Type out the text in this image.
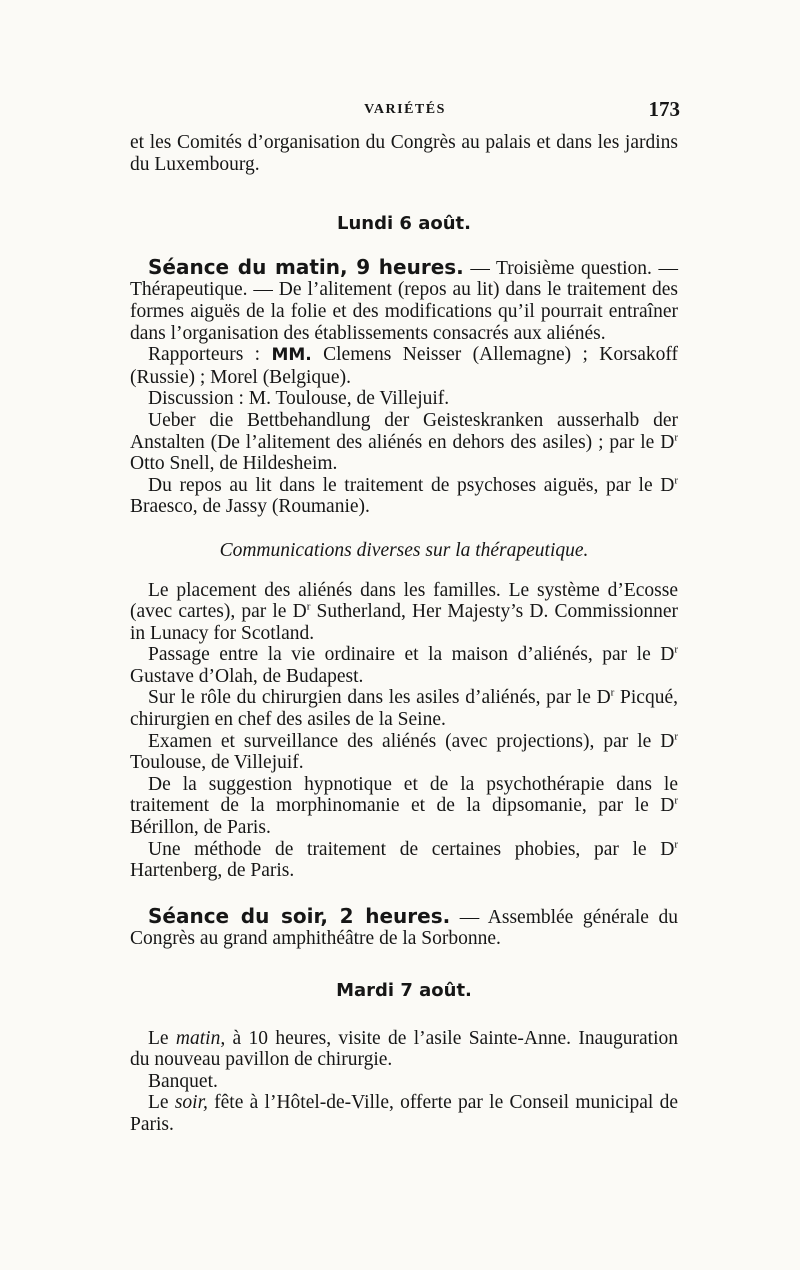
VARIÉTÉS	173

et les Comités d’organisation du Congrès au palais et dans les jardins du Luxembourg.

Lundi 6 août.

Séance du matin, 9 heures. — Troisième question. — Thérapeutique. — De l’alitement (repos au lit) dans le traitement des formes aiguës de la folie et des modifications qu’il pourrait entraîner dans l’organisation des établissements consacrés aux aliénés.

Rapporteurs : MM. Clemens Neisser (Allemagne) ; Korsakoff (Russie) ; Morel (Belgique).

Discussion : M. Toulouse, de Villejuif.

Ueber die Bettbehandlung der Geisteskranken ausserhalb der Anstalten (De l’alitement des aliénés en dehors des asiles) ; par le $D^r$ Otto Snell, de Hildesheim.

Du repos au lit dans le traitement de psychoses aiguës, par le $D^r$ Braesco, de Jassy (Roumanie).

Communications diverses sur la thérapeutique.

Le placement des aliénés dans les familles. Le système d’Ecosse (avec cartes), par le $D^r$ Sutherland, Her Majesty’s D. Commissionner in Lunacy for Scotland.

Passage entre la vie ordinaire et la maison d’aliénés, par le $D^r$ Gustave d’Olah, de Budapest.

Sur le rôle du chirurgien dans les asiles d’aliénés, par le $D^r$ Picqué, chirurgien en chef des asiles de la Seine.

Examen et surveillance des aliénés (avec projections), par le $D^r$ Toulouse, de Villejuif.

De la suggestion hypnotique et de la psychothérapie dans le traitement de la morphinomanie et de la dipsomanie, par le $D^r$ Bérillon, de Paris.

Une méthode de traitement de certaines phobies, par le $D^r$ Hartenberg, de Paris.

Séance du soir, 2 heures. — Assemblée générale du Congrès au grand amphithéâtre de la Sorbonne.

Mardi 7 août.

Le matin, à 10 heures, visite de l’asile Sainte-Anne. Inauguration du nouveau pavillon de chirurgie.

Banquet.

Le soir, fête à l’Hôtel-de-Ville, offerte par le Conseil municipal de Paris.
